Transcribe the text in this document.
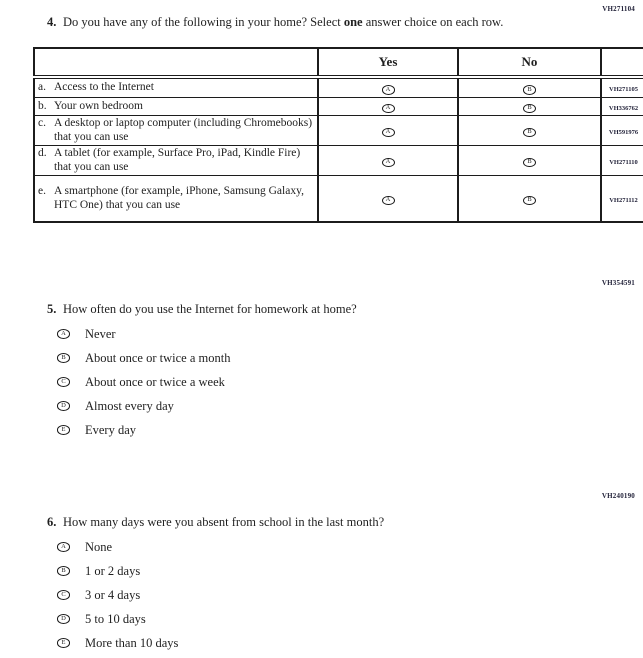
VH271104
4. Do you have any of the following in your home? Select one answer choice on each row.
	Yes	No	

a. Access to the Internet	A	B	VH271105

b. Your own bedroom	A	B	VH336762

c. A desktop or laptop computer (including Chromebooks) that you can use	A	B	VH591976

d. A tablet (for example, Surface Pro, iPad, Kindle Fire) that you can use	A	B	VH271110

e. A smartphone (for example, iPhone, Samsung Galaxy, HTC One) that you can use	A	B	VH271112
VH354591
5. How often do you use the Internet for homework at home?
A	Never
B	About once or twice a month
C	About once or twice a week
D	Almost every day
E	Every day
VH240190
6. How many days were you absent from school in the last month?
A	None
B	1 or 2 days
C	3 or 4 days
D	5 to 10 days
E	More than 10 days
